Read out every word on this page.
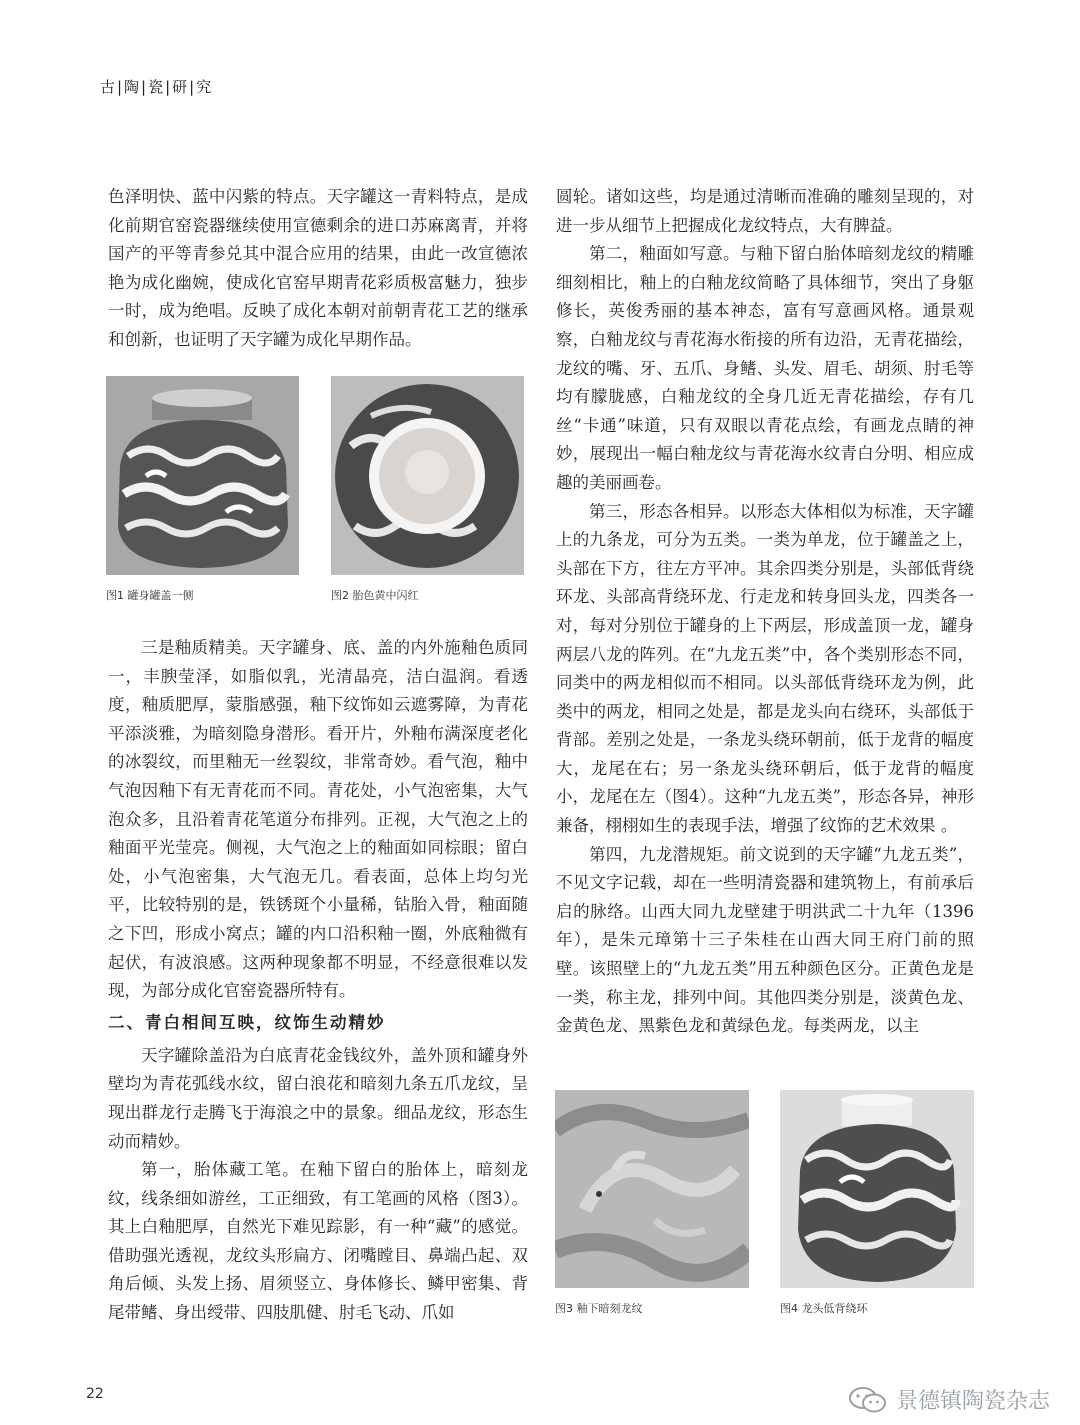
古|陶|瓷|研|究

色泽明快、蓝中闪紫的特点。天字罐这一青料特点，是成化前期官窑瓷器继续使用宣德剩余的进口苏麻离青，并将国产的平等青参兑其中混合应用的结果，由此一改宣德浓艳为成化幽婉，使成化官窑早期青花彩质极富魅力，独步一时，成为绝唱。反映了成化本朝对前朝青花工艺的继承和创新，也证明了天字罐为成化早期作品。

图1 罐身罐盖一侧	图2 胎色黄中闪红

三是釉质精美。天字罐身、底、盖的内外施釉色质同一，丰腴莹泽，如脂似乳，光清晶亮，洁白温润。看透度，釉质肥厚，蒙脂感强，釉下纹饰如云遮雾障，为青花平添淡雅，为暗刻隐身潜形。看开片，外釉布满深度老化的冰裂纹，而里釉无一丝裂纹，非常奇妙。看气泡，釉中气泡因釉下有无青花而不同。青花处，小气泡密集，大气泡众多，且沿着青花笔道分布排列。正视，大气泡之上的釉面平光莹亮。侧视，大气泡之上的釉面如同棕眼；留白处，小气泡密集，大气泡无几。看表面，总体上均匀光平，比较特别的是，铁锈斑个小量稀，钻胎入骨，釉面随之下凹，形成小窝点；罐的内口沿积釉一圈，外底釉微有起伏，有波浪感。这两种现象都不明显，不经意很难以发现，为部分成化官窑瓷器所特有。

二、青白相间互映，纹饰生动精妙

天字罐除盖沿为白底青花金钱纹外，盖外顶和罐身外壁均为青花弧线水纹，留白浪花和暗刻九条五爪龙纹，呈现出群龙行走腾飞于海浪之中的景象。细品龙纹，形态生动而精妙。

第一，胎体藏工笔。在釉下留白的胎体上，暗刻龙纹，线条细如游丝，工正细致，有工笔画的风格（图3）。其上白釉肥厚，自然光下难见踪影，有一种“藏”的感觉。借助强光透视，龙纹头形扁方、闭嘴瞠目、鼻端凸起、双角后倾、头发上扬、眉须竖立、身体修长、鳞甲密集、背尾带鳍、身出绶带、四肢肌健、肘毛飞动、爪如

圆轮。诸如这些，均是通过清晰而准确的雕刻呈现的，对进一步从细节上把握成化龙纹特点，大有脾益。

第二，釉面如写意。与釉下留白胎体暗刻龙纹的精雕细刻相比，釉上的白釉龙纹简略了具体细节，突出了身躯修长，英俊秀丽的基本神态，富有写意画风格。通景观察，白釉龙纹与青花海水衔接的所有边沿，无青花描绘，龙纹的嘴、牙、五爪、身鳍、头发、眉毛、胡须、肘毛等均有朦胧感，白釉龙纹的全身几近无青花描绘，存有几丝“卡通”味道，只有双眼以青花点绘，有画龙点睛的神妙，展现出一幅白釉龙纹与青花海水纹青白分明、相应成趣的美丽画卷。

第三，形态各相异。以形态大体相似为标准，天字罐上的九条龙，可分为五类。一类为单龙，位于罐盖之上，头部在下方，往左方平冲。其余四类分别是，头部低背绕环龙、头部高背绕环龙、行走龙和转身回头龙，四类各一对，每对分别位于罐身的上下两层，形成盖顶一龙，罐身两层八龙的阵列。在“九龙五类”中，各个类别形态不同，同类中的两龙相似而不相同。以头部低背绕环龙为例，此类中的两龙，相同之处是，都是龙头向右绕环，头部低于背部。差别之处是，一条龙头绕环朝前，低于龙背的幅度大，龙尾在右；另一条龙头绕环朝后，低于龙背的幅度小，龙尾在左（图4）。这种“九龙五类”，形态各异，神形兼备，栩栩如生的表现手法，增强了纹饰的艺术效果 。

第四，九龙潜规矩。前文说到的天字罐“九龙五类”，不见文字记载，却在一些明清瓷器和建筑物上，有前承后启的脉络。山西大同九龙壁建于明洪武二十九年（1396年），是朱元璋第十三子朱桂在山西大同王府门前的照壁。该照壁上的“九龙五类”用五种颜色区分。正黄色龙是一类，称主龙，排列中间。其他四类分别是，淡黄色龙、金黄色龙、黑紫色龙和黄绿色龙。每类两龙，以主

图3 釉下暗刻龙纹	图4 龙头低背绕环
22	景德镇陶瓷杂志
